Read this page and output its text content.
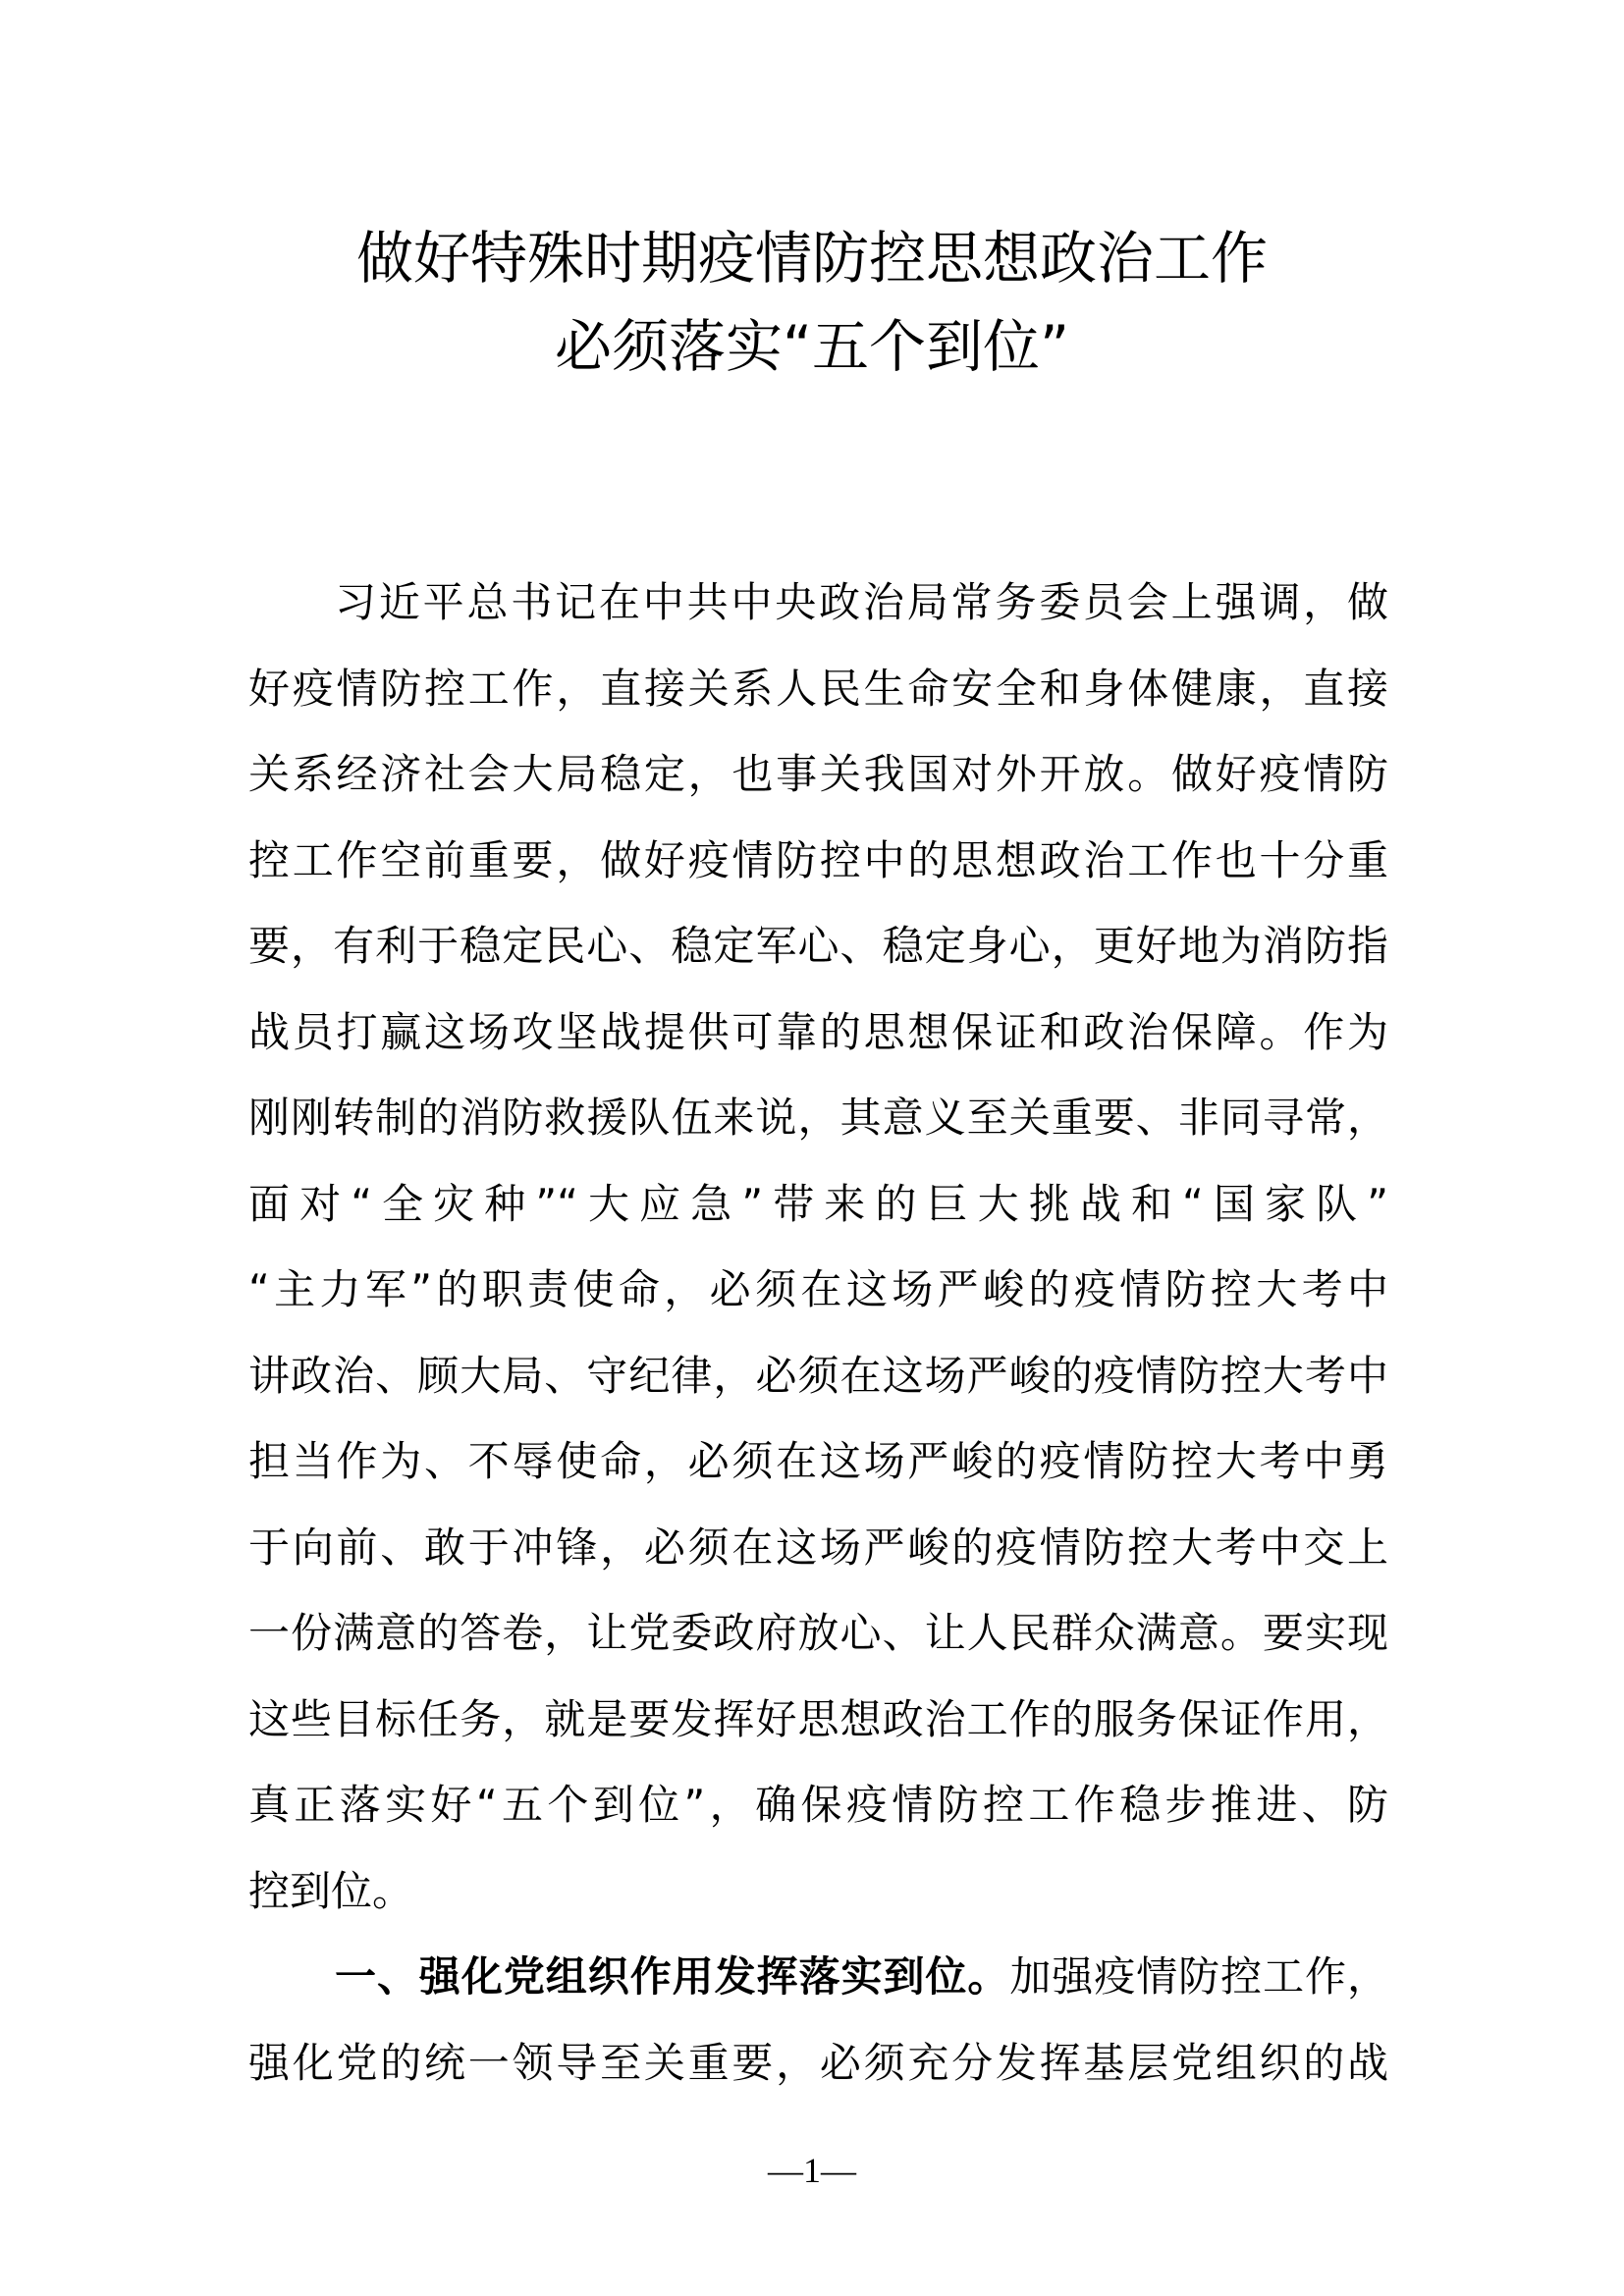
做好特殊时期疫情防控思想政治工作
必须落实“五个到位”
习近平总书记在中共中央政治局常务委员会上强调，做
好疫情防控工作，直接关系人民生命安全和身体健康，直接
关系经济社会大局稳定，也事关我国对外开放。做好疫情防
控工作空前重要，做好疫情防控中的思想政治工作也十分重
要，有利于稳定民心、稳定军心、稳定身心，更好地为消防指
战员打赢这场攻坚战提供可靠的思想保证和政治保障。作为
刚刚转制的消防救援队伍来说，其意义至关重要、非同寻常，
面对“全灾种”“大应急”带来的巨大挑战和“国家队”
“主力军”的职责使命，必须在这场严峻的疫情防控大考中
讲政治、顾大局、守纪律，必须在这场严峻的疫情防控大考中
担当作为、不辱使命，必须在这场严峻的疫情防控大考中勇
于向前、敢于冲锋，必须在这场严峻的疫情防控大考中交上
一份满意的答卷，让党委政府放心、让人民群众满意。要实现
这些目标任务，就是要发挥好思想政治工作的服务保证作用，
真正落实好“五个到位”，确保疫情防控工作稳步推进、防
控到位。
一、强化党组织作用发挥落实到位。加强疫情防控工作，
强化党的统一领导至关重要，必须充分发挥基层党组织的战
—1—
